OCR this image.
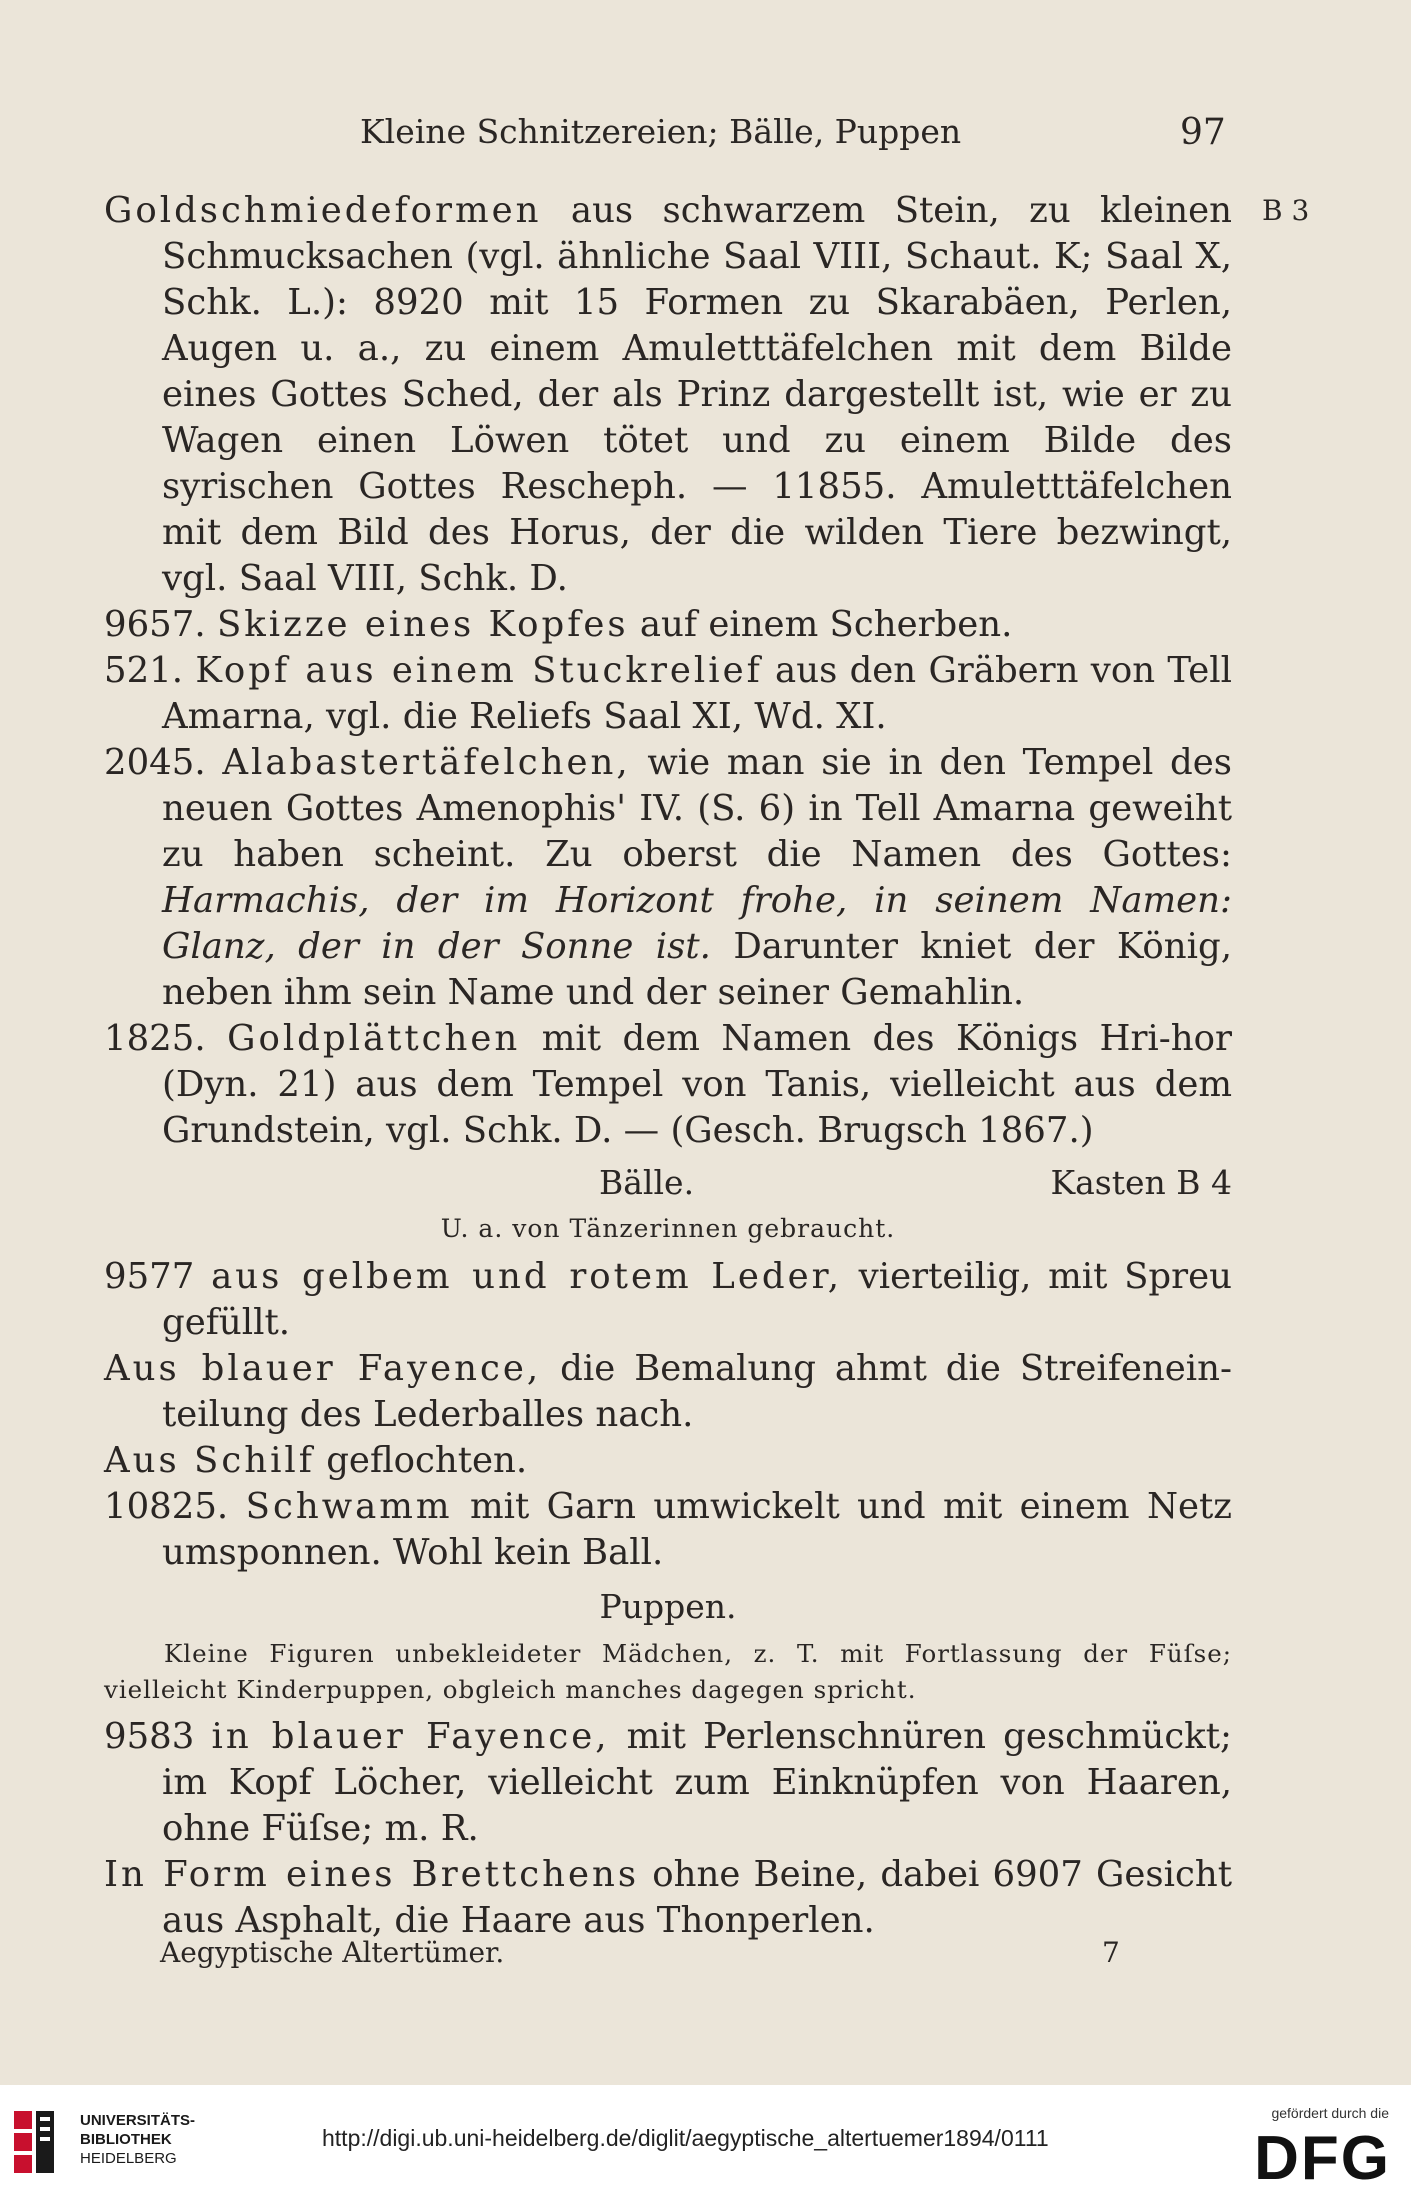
Kleine Schnitzereien; Bälle, Puppen	97
B 3

Goldschmiedeformen aus schwarzem Stein, zu kleinen Schmucksachen (vgl. ähnliche Saal VIII, Schaut. K; Saal X, Schk. L.): 8920 mit 15 Formen zu Skarabäen, Perlen, Augen u. a., zu einem Amuletttäfelchen mit dem Bilde eines Gottes Sched, der als Prinz dargestellt ist, wie er zu Wagen einen Löwen tötet und zu einem Bilde des syrischen Gottes Rescheph. — 11855. Amuletttäfelchen mit dem Bild des Horus, der die wilden Tiere bezwingt, vgl. Saal VIII, Schk. D.

9657. Skizze eines Kopfes auf einem Scherben.

521. Kopf aus einem Stuckrelief aus den Gräbern von Tell Amarna, vgl. die Reliefs Saal XI, Wd. XI.

2045. Alabastertäfelchen, wie man sie in den Tempel des neuen Gottes Amenophis' IV. (S. 6) in Tell Amarna geweiht zu haben scheint. Zu oberst die Namen des Gottes: Harmachis, der im Horizont frohe, in seinem Namen: Glanz, der in der Sonne ist. Darunter kniet der König, neben ihm sein Name und der seiner Gemahlin.

1825. Goldplättchen mit dem Namen des Königs Hri-hor (Dyn. 21) aus dem Tempel von Tanis, vielleicht aus dem Grundstein, vgl. Schk. D. — (Gesch. Brugsch 1867.)

Bälle.	Kasten B 4
U. a. von Tänzerinnen gebraucht.

9577 aus gelbem und rotem Leder, vierteilig, mit Spreu gefüllt.

Aus blauer Fayence, die Bemalung ahmt die Streifeneinteilung des Lederballes nach.

Aus Schilf geflochten.

10825. Schwamm mit Garn umwickelt und mit einem Netz umsponnen. Wohl kein Ball.

Puppen.
Kleine Figuren unbekleideter Mädchen, z. T. mit Fortlassung der Füſse; vielleicht Kinderpuppen, obgleich manches dagegen spricht.

9583 in blauer Fayence, mit Perlenschnüren geschmückt; im Kopf Löcher, vielleicht zum Einknüpfen von Haaren, ohne Füſse; m. R.

In Form eines Brettchens ohne Beine, dabei 6907 Gesicht aus Asphalt, die Haare aus Thonperlen.

Aegyptische Altertümer.	7
UNIVERSITÄTS-
BIBLIOTHEK
HEIDELBERG
http://digi.ub.uni-heidelberg.de/diglit/aegyptische_altertuemer1894/0111
gefördert durch die
DFG
